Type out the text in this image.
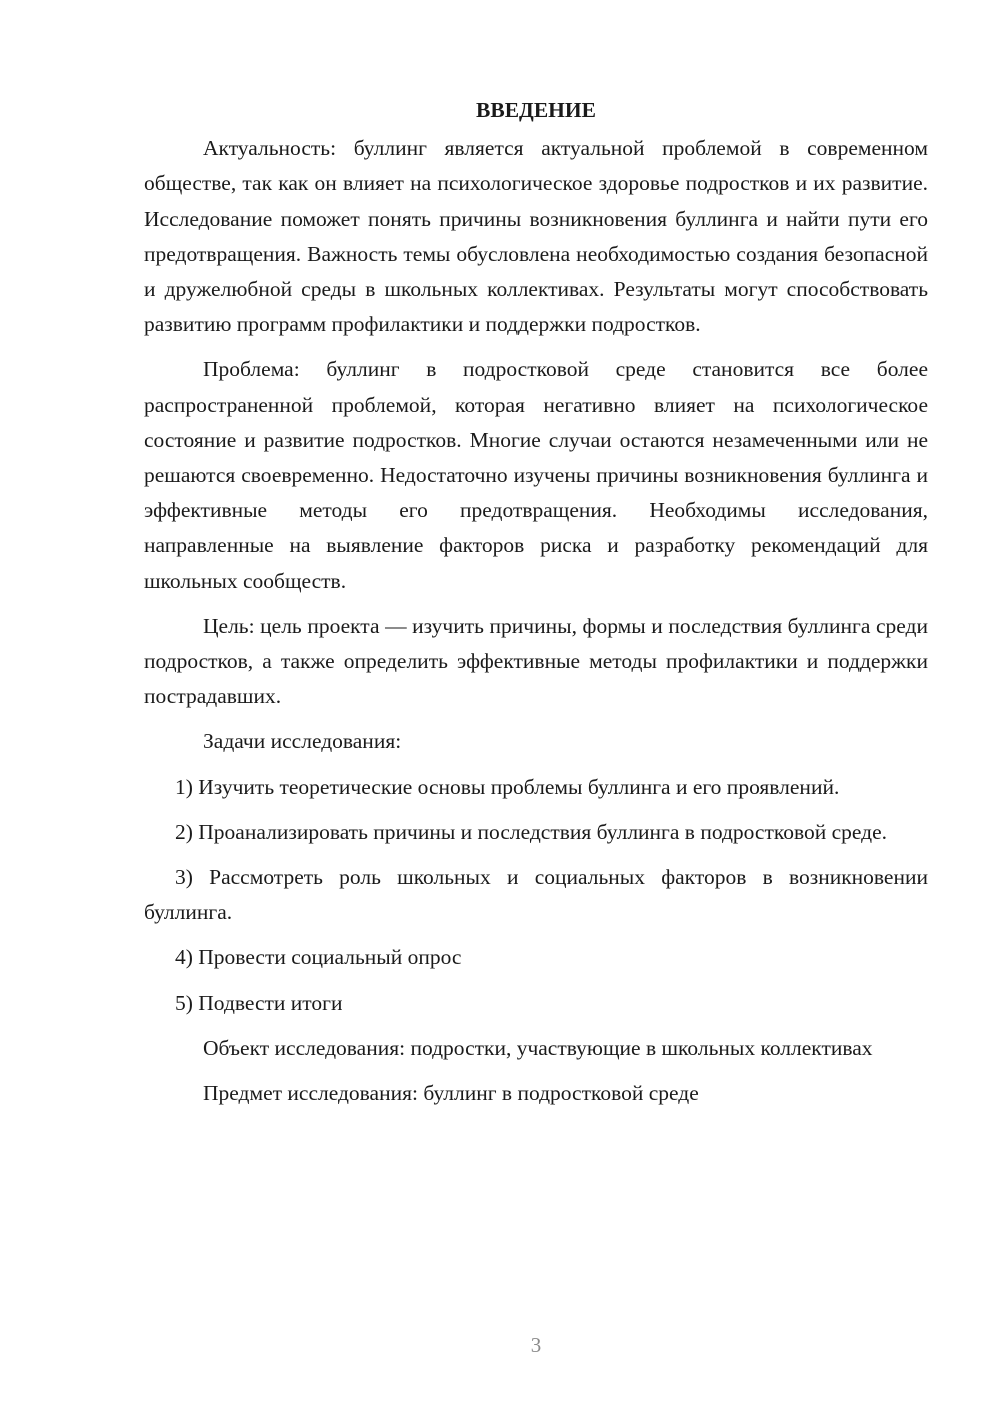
ВВЕДЕНИЕ

Актуальность: буллинг является актуальной проблемой в современном обществе, так как он влияет на психологическое здоровье подростков и их развитие. Исследование поможет понять причины возникновения буллинга и найти пути его предотвращения. Важность темы обусловлена необходимостью создания безопасной и дружелюбной среды в школьных коллективах. Результаты могут способствовать развитию программ профилактики и поддержки подростков.

Проблема: буллинг в подростковой среде становится все более распространенной проблемой, которая негативно влияет на психологическое состояние и развитие подростков. Многие случаи остаются незамеченными или не решаются своевременно. Недостаточно изучены причины возникновения буллинга и эффективные методы его предотвращения. Необходимы исследования, направленные на выявление факторов риска и разработку рекомендаций для школьных сообществ.

Цель: цель проекта — изучить причины, формы и последствия буллинга среди подростков, а также определить эффективные методы профилактики и поддержки пострадавших.

Задачи исследования:

1) Изучить теоретические основы проблемы буллинга и его проявлений.

2) Проанализировать причины и последствия буллинга в подростковой среде.

3) Рассмотреть роль школьных и социальных факторов в возникновении буллинга.

4) Провести социальный опрос

5) Подвести итоги

Объект исследования: подростки, участвующие в школьных коллективах

Предмет исследования: буллинг в подростковой среде

3
